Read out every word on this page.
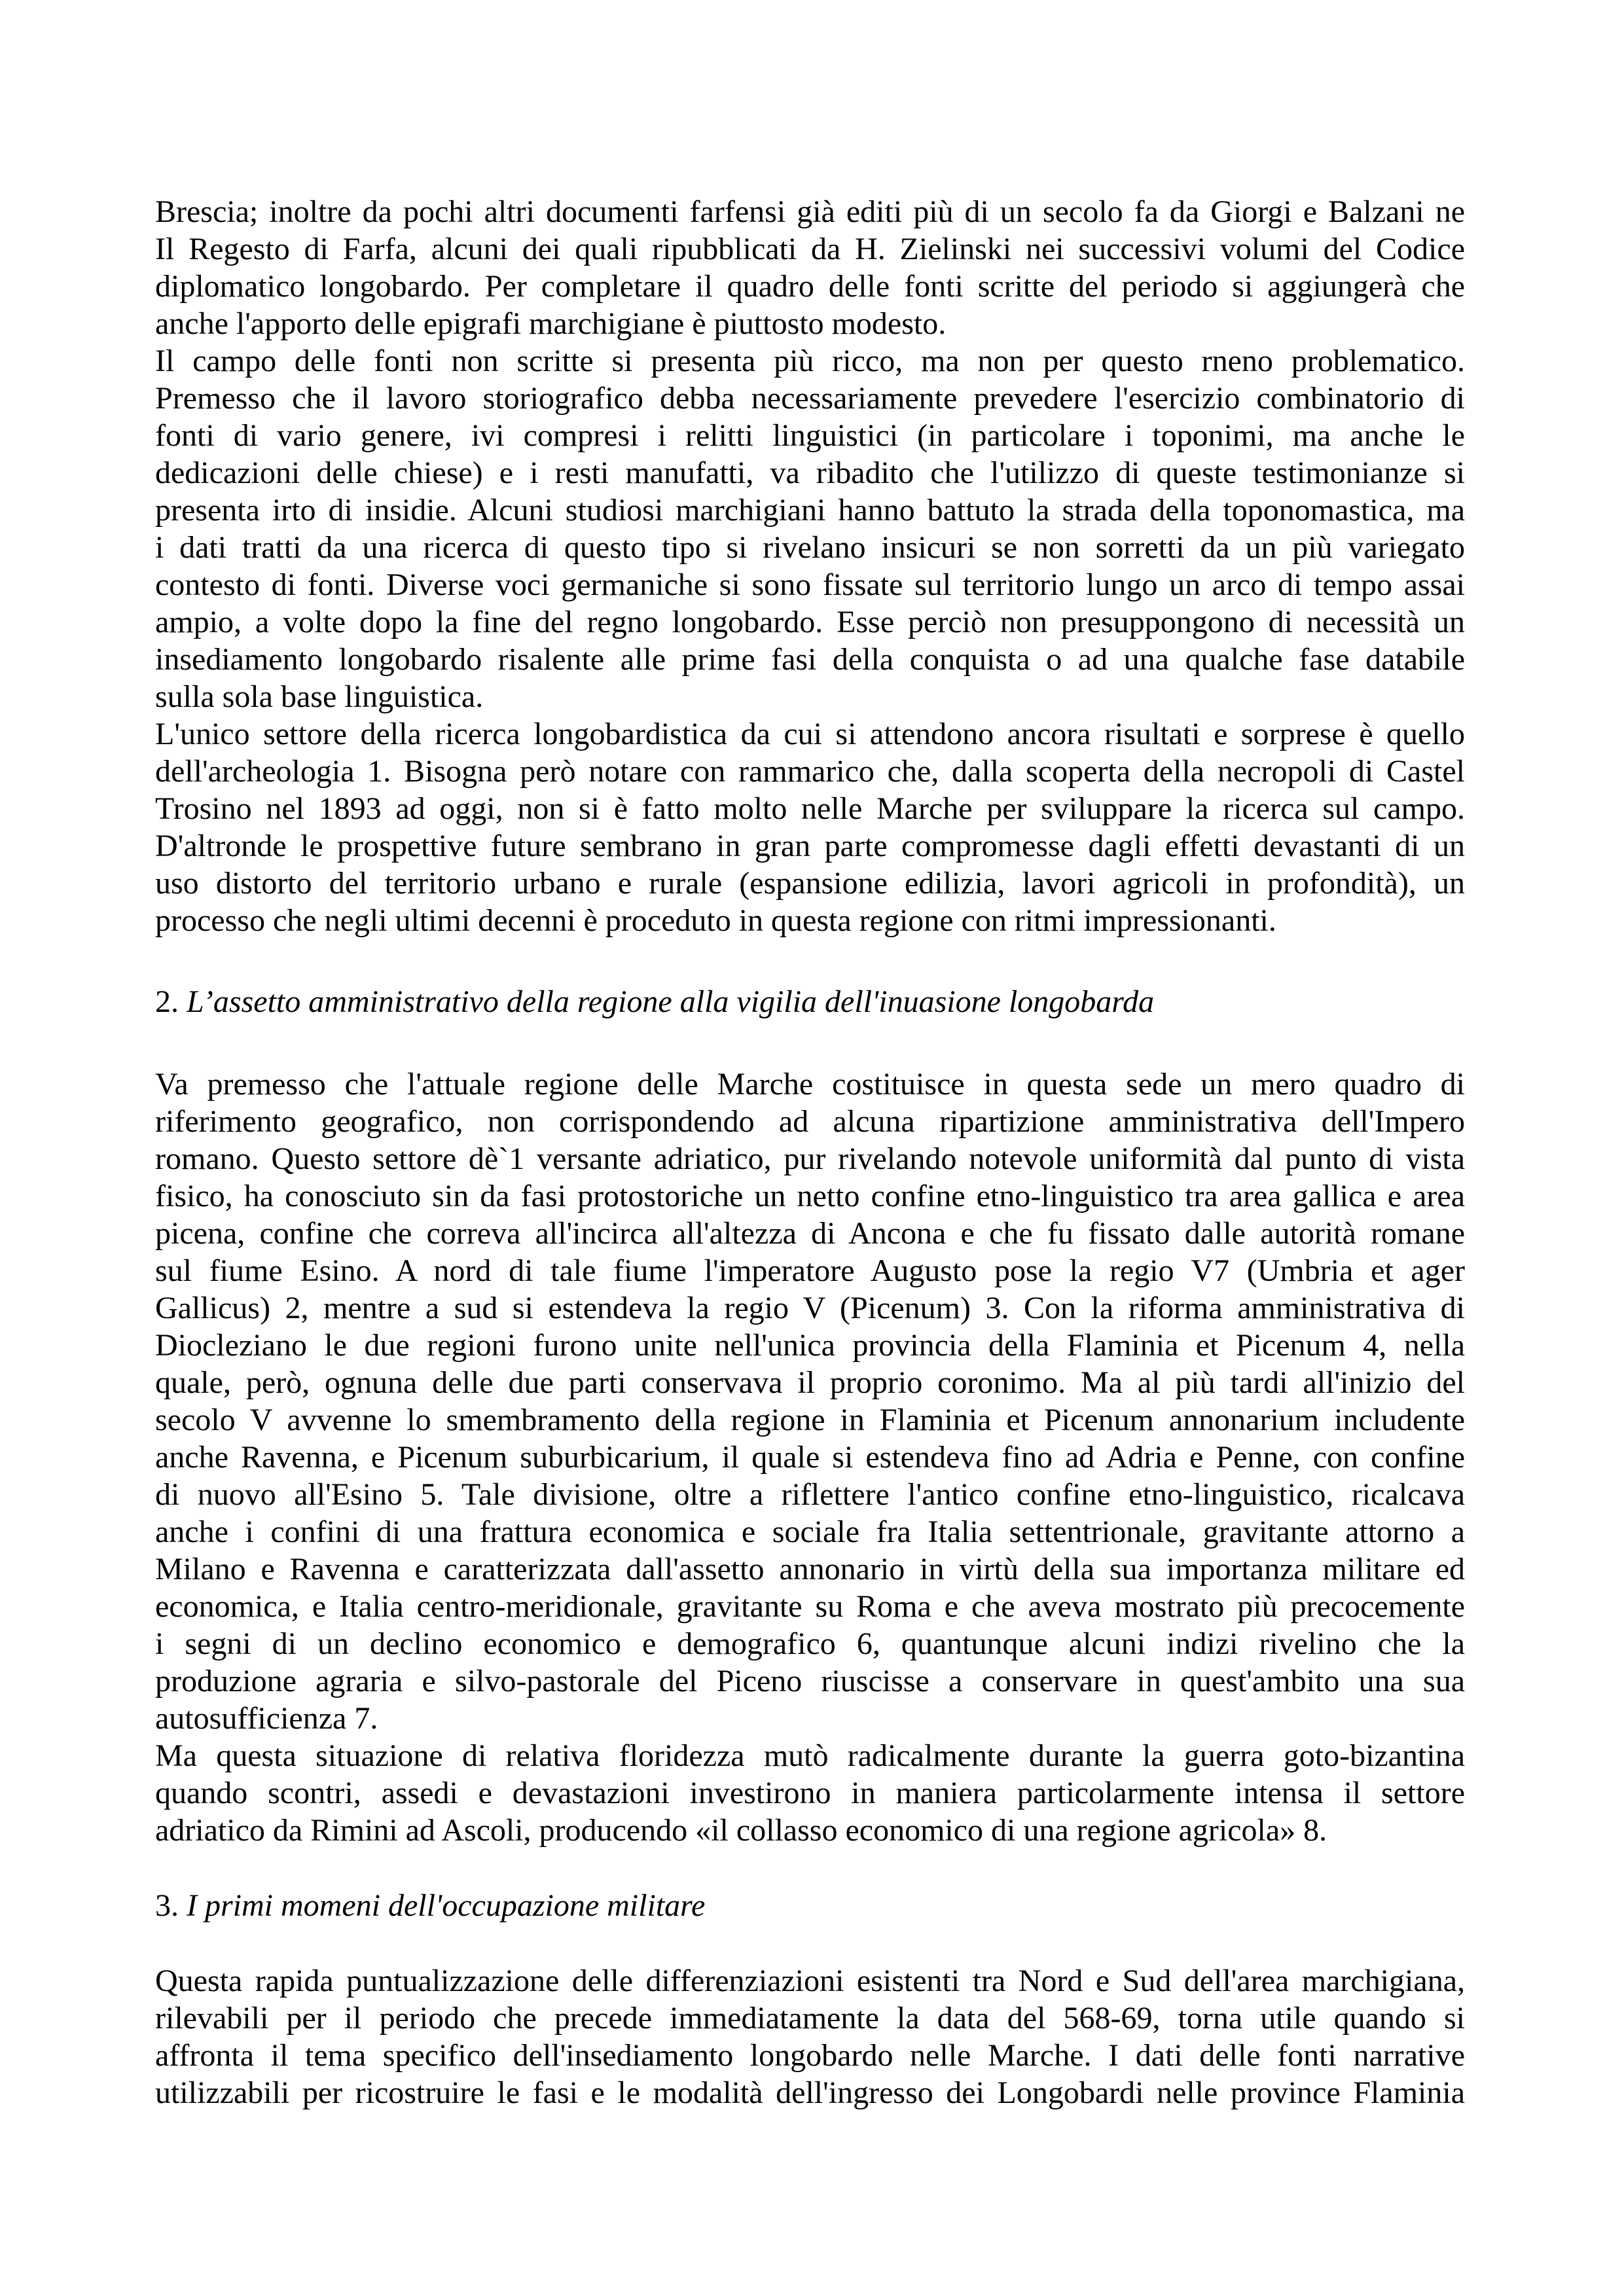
Brescia; inoltre da pochi altri documenti farfensi già editi più di un secolo fa da Giorgi e Balzani ne
Il Regesto di Farfa, alcuni dei quali ripubblicati da H. Zielinski nei successivi volumi del Codice
diplomatico longobardo. Per completare il quadro delle fonti scritte del periodo si aggiungerà che
anche l'apporto delle epigrafi marchigiane è piuttosto modesto.
Il campo delle fonti non scritte si presenta più ricco, ma non per questo rneno problematico.
Premesso che il lavoro storiografico debba necessariamente prevedere l'esercizio combinatorio di
fonti di vario genere, ivi compresi i relitti linguistici (in particolare i toponimi, ma anche le
dedicazioni delle chiese) e i resti manufatti, va ribadito che l'utilizzo di queste testimonianze si
presenta irto di insidie. Alcuni studiosi marchigiani hanno battuto la strada della toponomastica, ma
i dati tratti da una ricerca di questo tipo si rivelano insicuri se non sorretti da un più variegato
contesto di fonti. Diverse voci germaniche si sono fissate sul territorio lungo un arco di tempo assai
ampio, a volte dopo la fine del regno longobardo. Esse perciò non presuppongono di necessità un
insediamento longobardo risalente alle prime fasi della conquista o ad una qualche fase databile
sulla sola base linguistica.
L'unico settore della ricerca longobardistica da cui si attendono ancora risultati e sorprese è quello
dell'archeologia 1. Bisogna però notare con rammarico che, dalla scoperta della necropoli di Castel
Trosino nel 1893 ad oggi, non si è fatto molto nelle Marche per sviluppare la ricerca sul campo.
D'altronde le prospettive future sembrano in gran parte compromesse dagli effetti devastanti di un
uso distorto del territorio urbano e rurale (espansione edilizia, lavori agricoli in profondità), un
processo che negli ultimi decenni è proceduto in questa regione con ritmi impressionanti.
2. L’assetto amministrativo della regione alla vigilia dell'inuasione longobarda
Va premesso che l'attuale regione delle Marche costituisce in questa sede un mero quadro di
riferimento geografico, non corrispondendo ad alcuna ripartizione amministrativa dell'Impero
romano. Questo settore dè`1 versante adriatico, pur rivelando notevole uniformità dal punto di vista
fisico, ha conosciuto sin da fasi protostoriche un netto confine etno-linguistico tra area gallica e area
picena, confine che correva all'incirca all'altezza di Ancona e che fu fissato dalle autorità romane
sul fiume Esino. A nord di tale fiume l'imperatore Augusto pose la regio V7 (Umbria et ager
Gallicus) 2, mentre a sud si estendeva la regio V (Picenum) 3. Con la riforma amministrativa di
Diocleziano le due regioni furono unite nell'unica provincia della Flaminia et Picenum 4, nella
quale, però, ognuna delle due parti conservava il proprio coronimo. Ma al più tardi all'inizio del
secolo V avvenne lo smembramento della regione in Flaminia et Picenum annonarium includente
anche Ravenna, e Picenum suburbicarium, il quale si estendeva fino ad Adria e Penne, con confine
di nuovo all'Esino 5. Tale divisione, oltre a riflettere l'antico confine etno-linguistico, ricalcava
anche i confini di una frattura economica e sociale fra Italia settentrionale, gravitante attorno a
Milano e Ravenna e caratterizzata dall'assetto annonario in virtù della sua importanza militare ed
economica, e Italia centro-meridionale, gravitante su Roma e che aveva mostrato più precocemente
i segni di un declino economico e demografico 6, quantunque alcuni indizi rivelino che la
produzione agraria e silvo-pastorale del Piceno riuscisse a conservare in quest'ambito una sua
autosufficienza 7.
Ma questa situazione di relativa floridezza mutò radicalmente durante la guerra goto-bizantina
quando scontri, assedi e devastazioni investirono in maniera particolarmente intensa il settore
adriatico da Rimini ad Ascoli, producendo «il collasso economico di una regione agricola» 8.
3. I primi momeni dell'occupazione militare
Questa rapida puntualizzazione delle differenziazioni esistenti tra Nord e Sud dell'area marchigiana,
rilevabili per il periodo che precede immediatamente la data del 568-69, torna utile quando si
affronta il tema specifico dell'insediamento longobardo nelle Marche. I dati delle fonti narrative
utilizzabili per ricostruire le fasi e le modalità dell'ingresso dei Longobardi nelle province Flaminia
